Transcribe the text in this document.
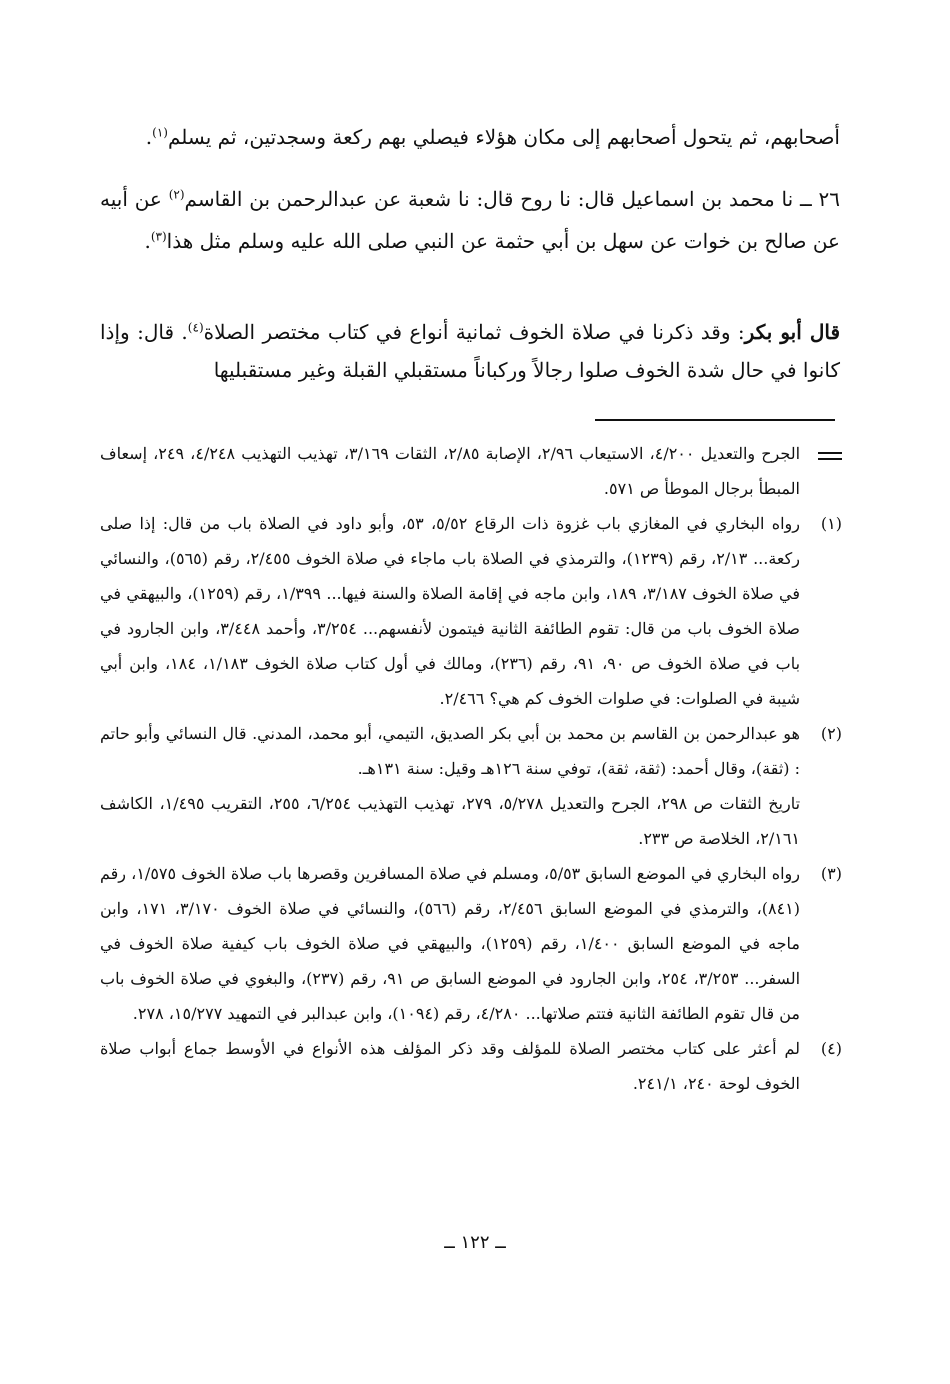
أصحابهم، ثم يتحول أصحابهم إلى مكان هؤلاء فيصلي بهم ركعة وسجدتين، ثم يسلم$^{(١)}$.
٢٦ ــ نا محمد بن اسماعيل قال: نا روح قال: نا شعبة عن عبدالرحمن بن القاسم$^{(٢)}$ عن أبيه عن صالح بن خوات عن سهل بن أبي حثمة عن النبي صلى الله عليه وسلم مثل هذا$^{(٣)}$.
قال أبو بكر: وقد ذكرنا في صلاة الخوف ثمانية أنواع في كتاب مختصر الصلاة$^{(٤)}$. قال: وإذا كانوا في حال شدة الخوف صلوا رجالاً وركباناً مستقبلي القبلة وغير مستقبليها

الجرح والتعديل ٤/٢٠٠، الاستيعاب ٢/٩٦، الإصابة ٢/٨٥، الثقات ٣/١٦٩، تهذيب التهذيب ٤/٢٤٨، ٢٤٩، إسعاف المبطأ برجال الموطأ ص ٥٧١.

(١)

رواه البخاري في المغازي باب غزوة ذات الرقاع ٥/٥٢، ٥٣، وأبو داود في الصلاة باب من قال: إذا صلى ركعة... ٢/١٣، رقم (١٢٣٩)، والترمذي في الصلاة باب ماجاء في صلاة الخوف ٢/٤٥٥، رقم (٥٦٥)، والنسائي في صلاة الخوف ٣/١٨٧، ١٨٩، وابن ماجه في إقامة الصلاة والسنة فيها... ١/٣٩٩، رقم (١٢٥٩)، والبيهقي في صلاة الخوف باب من قال: تقوم الطائفة الثانية فيتمون لأنفسهم... ٣/٢٥٤، وأحمد ٣/٤٤٨، وابن الجارود في باب في صلاة الخوف ص ٩٠، ٩١، رقم (٢٣٦)، ومالك في أول كتاب صلاة الخوف ١/١٨٣، ١٨٤، وابن أبي شيبة في الصلوات: في صلوات الخوف كم هي؟ ٢/٤٦٦.

(٢)

هو عبدالرحمن بن القاسم بن محمد بن أبي بكر الصديق، التيمي، أبو محمد، المدني. قال النسائي وأبو حاتم : (ثقة)، وقال أحمد: (ثقة، ثقة)، توفي سنة ١٢٦هـ وقيل: سنة ١٣١هـ.

تاريخ الثقات ص ٢٩٨، الجرح والتعديل ٥/٢٧٨، ٢٧٩، تهذيب التهذيب ٦/٢٥٤، ٢٥٥، التقريب ١/٤٩٥، الكاشف ٢/١٦١، الخلاصة ص ٢٣٣.

(٣)

رواه البخاري في الموضع السابق ٥/٥٣، ومسلم في صلاة المسافرين وقصرها باب صلاة الخوف ١/٥٧٥، رقم (٨٤١)، والترمذي في الموضع السابق ٢/٤٥٦، رقم (٥٦٦)، والنسائي في صلاة الخوف ٣/١٧٠، ١٧١، وابن ماجه في الموضع السابق ١/٤٠٠، رقم (١٢٥٩)، والبيهقي في صلاة الخوف باب كيفية صلاة الخوف في السفر... ٣/٢٥٣، ٢٥٤، وابن الجارود في الموضع السابق ص ٩١، رقم (٢٣٧)، والبغوي في صلاة الخوف باب من قال تقوم الطائفة الثانية فتتم صلاتها... ٤/٢٨٠، رقم (١٠٩٤)، وابن عبدالبر في التمهيد ١٥/٢٧٧، ٢٧٨.

(٤)

لم أعثر على كتاب مختصر الصلاة للمؤلف وقد ذكر المؤلف هذه الأنواع في الأوسط جماع أبواب صلاة الخوف لوحة ٢٤٠، ٢٤١/١.

ــ ١٢٢ ــ
